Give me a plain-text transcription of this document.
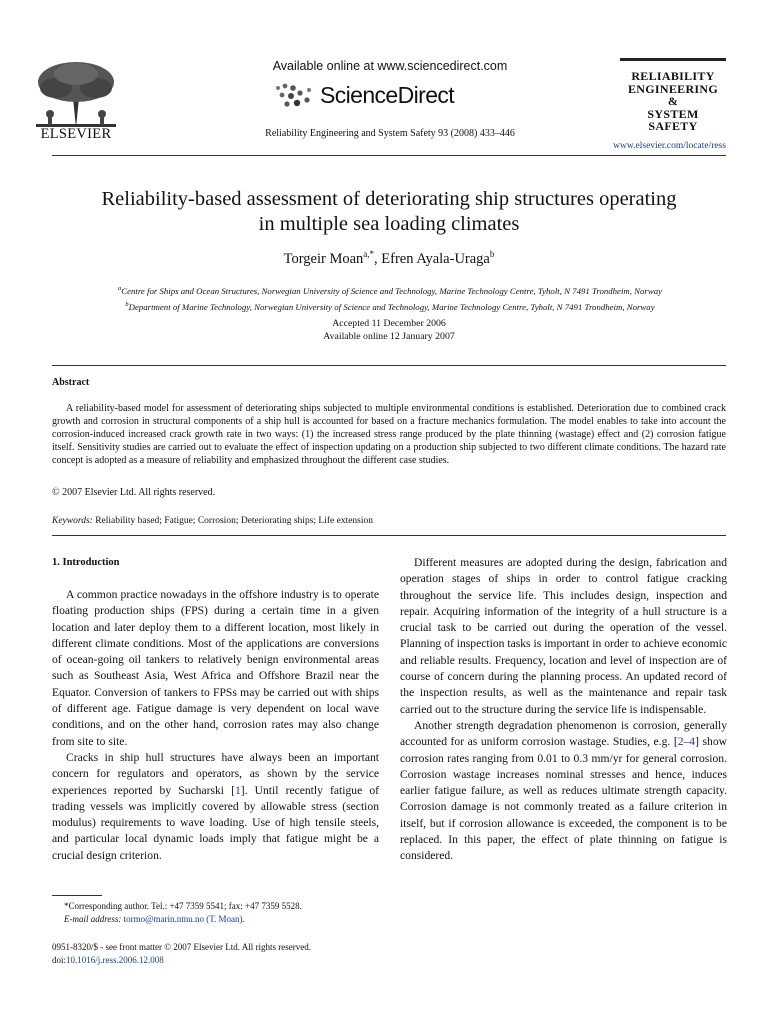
ELSEVIER
Available online at www.sciencedirect.com
ScienceDirect
Reliability Engineering and System Safety 93 (2008) 433–446
RELIABILITY
ENGINEERING
&
SYSTEM
SAFETY
www.elsevier.com/locate/ress
Reliability-based assessment of deteriorating ship structures operating
in multiple sea loading climates
Torgeir Moan$^{a,*}$, Efren Ayala-Uraga$^b$
$^a$Centre for Ships and Ocean Structures, Norwegian University of Science and Technology, Marine Technology Centre, Tyholt, N 7491 Trondheim, Norway
$^b$Department of Marine Technology, Norwegian University of Science and Technology, Marine Technology Centre, Tyholt, N 7491 Trondheim, Norway
Accepted 11 December 2006
Available online 12 January 2007
Abstract
A reliability-based model for assessment of deteriorating ships subjected to multiple environmental conditions is established. Deterioration due to combined crack growth and corrosion in structural components of a ship hull is accounted for based on a fracture mechanics formulation. The model enables to take into account the corrosion-induced increased crack growth rate in two ways: (1) the increased stress range produced by the plate thinning (wastage) effect and (2) corrosion fatigue itself. Sensitivity studies are carried out to evaluate the effect of inspection updating on a production ship subjected to two different climate conditions. The hazard rate concept is adopted as a measure of reliability and emphasized throughout the different case studies.
© 2007 Elsevier Ltd. All rights reserved.
Keywords: Reliability based; Fatigue; Corrosion; Deteriorating ships; Life extension
1. Introduction

A common practice nowadays in the offshore industry is to operate floating production ships (FPS) during a certain time in a given location and later deploy them to a different location, most likely in different climate conditions. Most of the applications are conversions of ocean-going oil tankers to relatively benign environmental areas such as Southeast Asia, West Africa and Offshore Brazil near the Equator. Conversion of tankers to FPSs may be carried out with ships of different age. Fatigue damage is very dependent on local wave conditions, and on the other hand, corrosion rates may also change from site to site.

Cracks in ship hull structures have always been an important concern for regulators and operators, as shown by the service experiences reported by Sucharski [1]. Until recently fatigue of trading vessels was implicitly covered by allowable stress (section modulus) requirements to wave loading. Use of high tensile steels, and particular local dynamic loads imply that fatigue might be a crucial design criterion.

Different measures are adopted during the design, fabrication and operation stages of ships in order to control fatigue cracking throughout the service life. This includes design, inspection and repair. Acquiring information of the integrity of a hull structure is a crucial task to be carried out during the operation of the vessel. Planning of inspection tasks is important in order to achieve economic and reliable results. Frequency, location and level of inspection are of course of concern during the planning process. An updated record of the inspection results, as well as the maintenance and repair task carried out to the structure during the service life is indispensable.

Another strength degradation phenomenon is corrosion, generally accounted for as uniform corrosion wastage. Studies, e.g. [2–4] show corrosion rates ranging from 0.01 to 0.3 mm/yr for general corrosion. Corrosion wastage increases nominal stresses and hence, induces earlier fatigue failure, as well as reduces ultimate strength capacity. Corrosion damage is not commonly treated as a failure criterion in itself, but if corrosion allowance is exceeded, the component is to be replaced. In this paper, the effect of plate thinning on fatigue is considered.

*Corresponding author. Tel.: +47 7359 5541; fax: +47 7359 5528.
E-mail address: tormo@marin.ntnu.no (T. Moan).
0951-8320/$ - see front matter © 2007 Elsevier Ltd. All rights reserved.
doi:10.1016/j.ress.2006.12.008
